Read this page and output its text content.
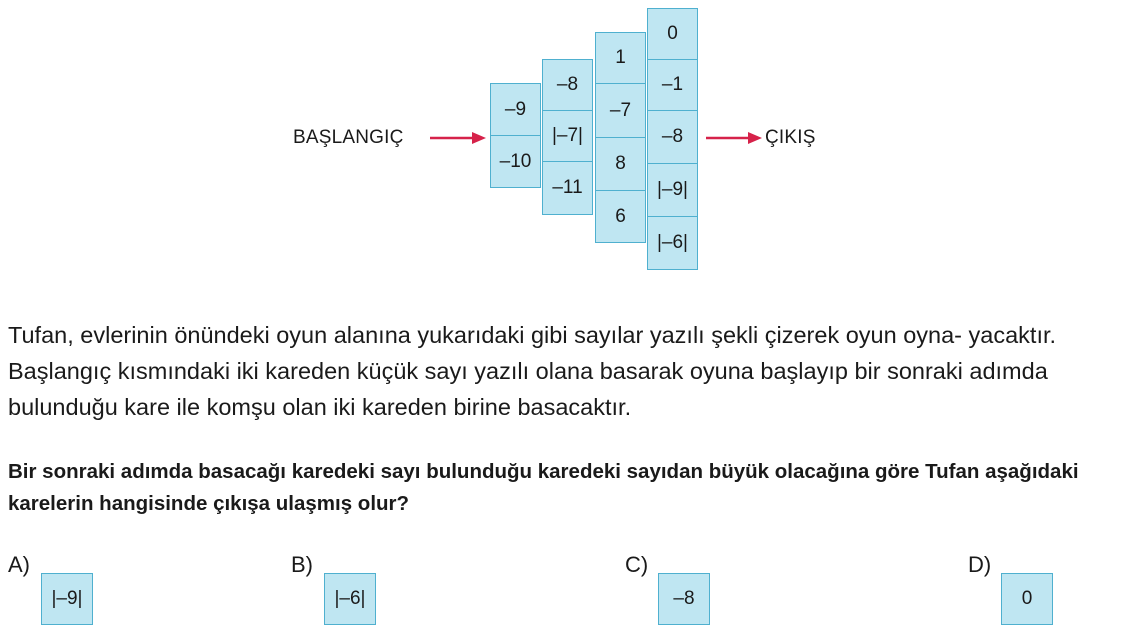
BAŞLANGIÇ	ÇIKIŞ
–9
–10
–8
|–7|
–11
1
–7
8
6
0
–1
–8
|–9|
|–6|

Tufan, evlerinin önündeki oyun alanına yukarıdaki gibi sayılar yazılı şekli çizerek oyun oyna- yacaktır. Başlangıç kısmındaki iki kareden küçük sayı yazılı olana basarak oyuna başlayıp bir sonraki adımda bulunduğu kare ile komşu olan iki kareden birine basacaktır.

Bir sonraki adımda basacağı karedeki sayı bulunduğu karedeki sayıdan büyük olacağına göre Tufan aşağıdaki karelerin hangisinde çıkışa ulaşmış olur?

A)
|–9|
B)
|–6|
C)
–8
D)
0
